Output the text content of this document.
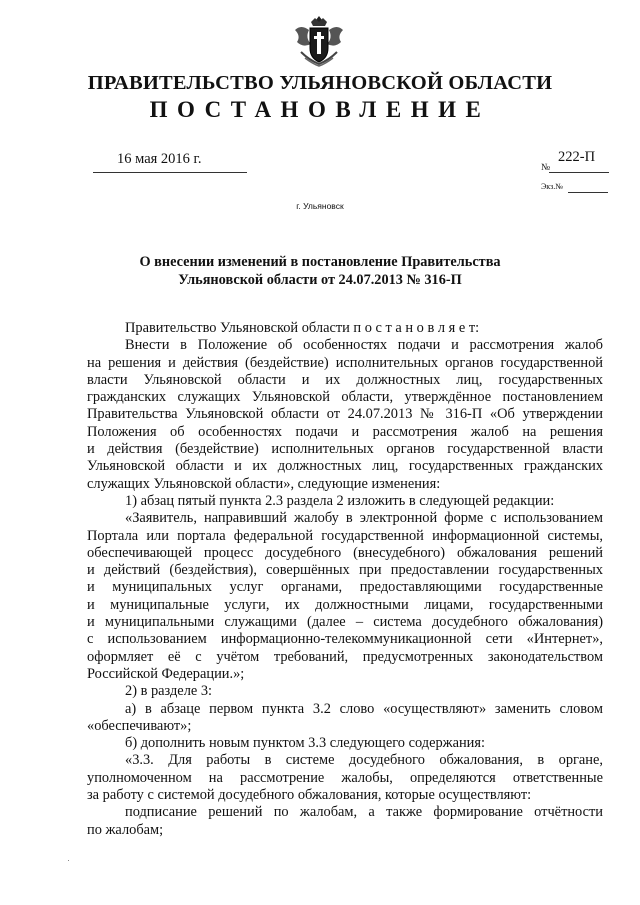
ПРАВИТЕЛЬСТВО УЛЬЯНОВСКОЙ ОБЛАСТИ
ПОСТАНОВЛЕНИЕ
16 мая 2016 г.
№
222-П
Экз.№
г. Ульяновск
О внесении изменений в постановление Правительства
Ульяновской области от 24.07.2013 № 316-П

Правительство Ульяновской области п о с т а н о в л я е т:

Внести в Положение об особенностях подачи и рассмотрения жалоб
на решения и действия (бездействие) исполнительных органов государственной
власти Ульяновской области и их должностных лиц, государственных
гражданских служащих Ульяновской области, утверждённое постановлением
Правительства Ульяновской области от 24.07.2013 № 316-П «Об утверждении
Положения об особенностях подачи и рассмотрения жалоб на решения
и действия (бездействие) исполнительных органов государственной власти
Ульяновской области и их должностных лиц, государственных гражданских
служащих Ульяновской области», следующие изменения:

1) абзац пятый пункта 2.3 раздела 2 изложить в следующей редакции:

«Заявитель, направивший жалобу в электронной форме с использованием
Портала или портала федеральной государственной информационной системы,
обеспечивающей процесс досудебного (внесудебного) обжалования решений
и действий (бездействия), совершённых при предоставлении государственных
и муниципальных услуг органами, предоставляющими государственные
и муниципальные услуги, их должностными лицами, государственными
и муниципальными служащими (далее – система досудебного обжалования)
с использованием информационно-телекоммуникационной сети «Интернет»,
оформляет её с учётом требований, предусмотренных законодательством
Российской Федерации.»;

2) в разделе 3:

а) в абзаце первом пункта 3.2 слово «осуществляют» заменить словом
«обеспечивают»;

б) дополнить новым пунктом 3.3 следующего содержания:

«3.3. Для работы в системе досудебного обжалования, в органе,
уполномоченном на рассмотрение жалобы, определяются ответственные
за работу с системой досудебного обжалования, которые осуществляют:

подписание решений по жалобам, а также формирование отчётности
по жалобам;
